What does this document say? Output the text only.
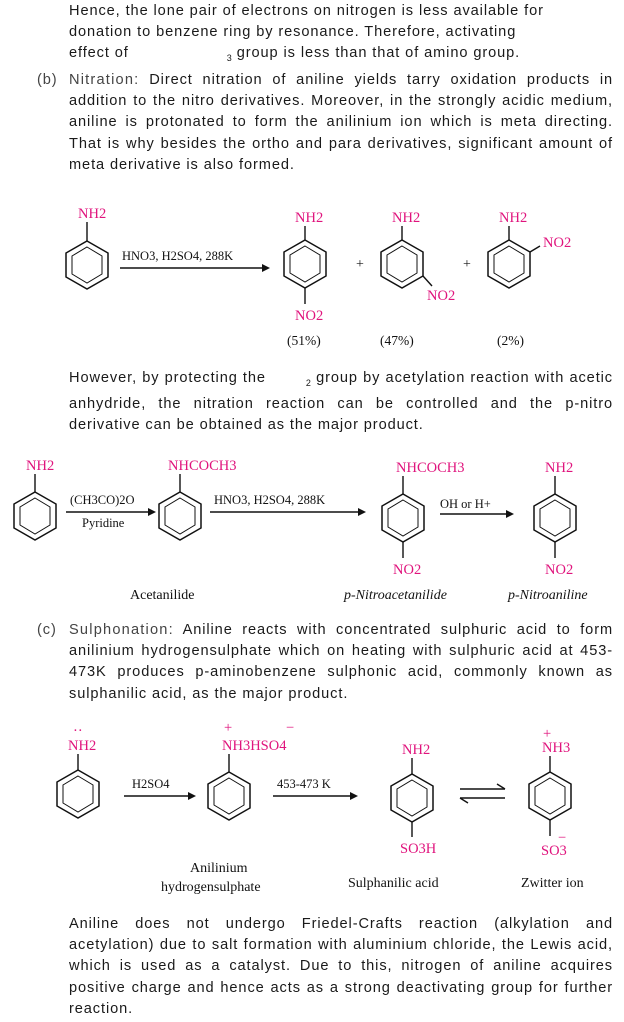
Hence, the lone pair of electrons on nitrogen is less available for
donation to benzene ring by resonance. Therefore, activating
effect of	$_3$ group is less than that of amino group.
(b) Nitration: Direct nitration of aniline yields tarry oxidation products in addition to the nitro derivatives. Moreover, in the strongly acidic medium, aniline is protonated to form the anilinium ion which is meta directing. That is why besides the ortho and para derivatives, significant amount of meta derivative is also formed.
NH2
HNO3, H2SO4, 288K
NH2
NO2
(51%)
+
NH2
NO2
(47%)
+
NH2
NO2
(2%)
However, by protecting the	$_2$ group by acetylation reaction with acetic anhydride, the nitration reaction can be controlled and the p-nitro derivative can be obtained as the major product.
NH2
(CH3CO)2O
Pyridine
NHCOCH3
Acetanilide
HNO3, H2SO4, 288K
NHCOCH3
NO2
p-Nitroacetanilide
OH or H+
NH2
NO2
p-Nitroaniline
(c) Sulphonation: Aniline reacts with concentrated sulphuric acid to form anilinium hydrogensulphate which on heating with sulphuric acid at 453-473K produces p-aminobenzene sulphonic acid, commonly known as sulphanilic acid, as the major product.
··
NH2
H2SO4
+	−
NH3HSO4
Anilinium
hydrogensulphate
453-473 K
NH2
SO3H
Sulphanilic acid
+
NH3
−
SO3
Zwitter ion
Aniline does not undergo Friedel-Crafts reaction (alkylation and acetylation) due to salt formation with aluminium chloride, the Lewis acid, which is used as a catalyst. Due to this, nitrogen of aniline acquires positive charge and hence acts as a strong deactivating group for further reaction.
